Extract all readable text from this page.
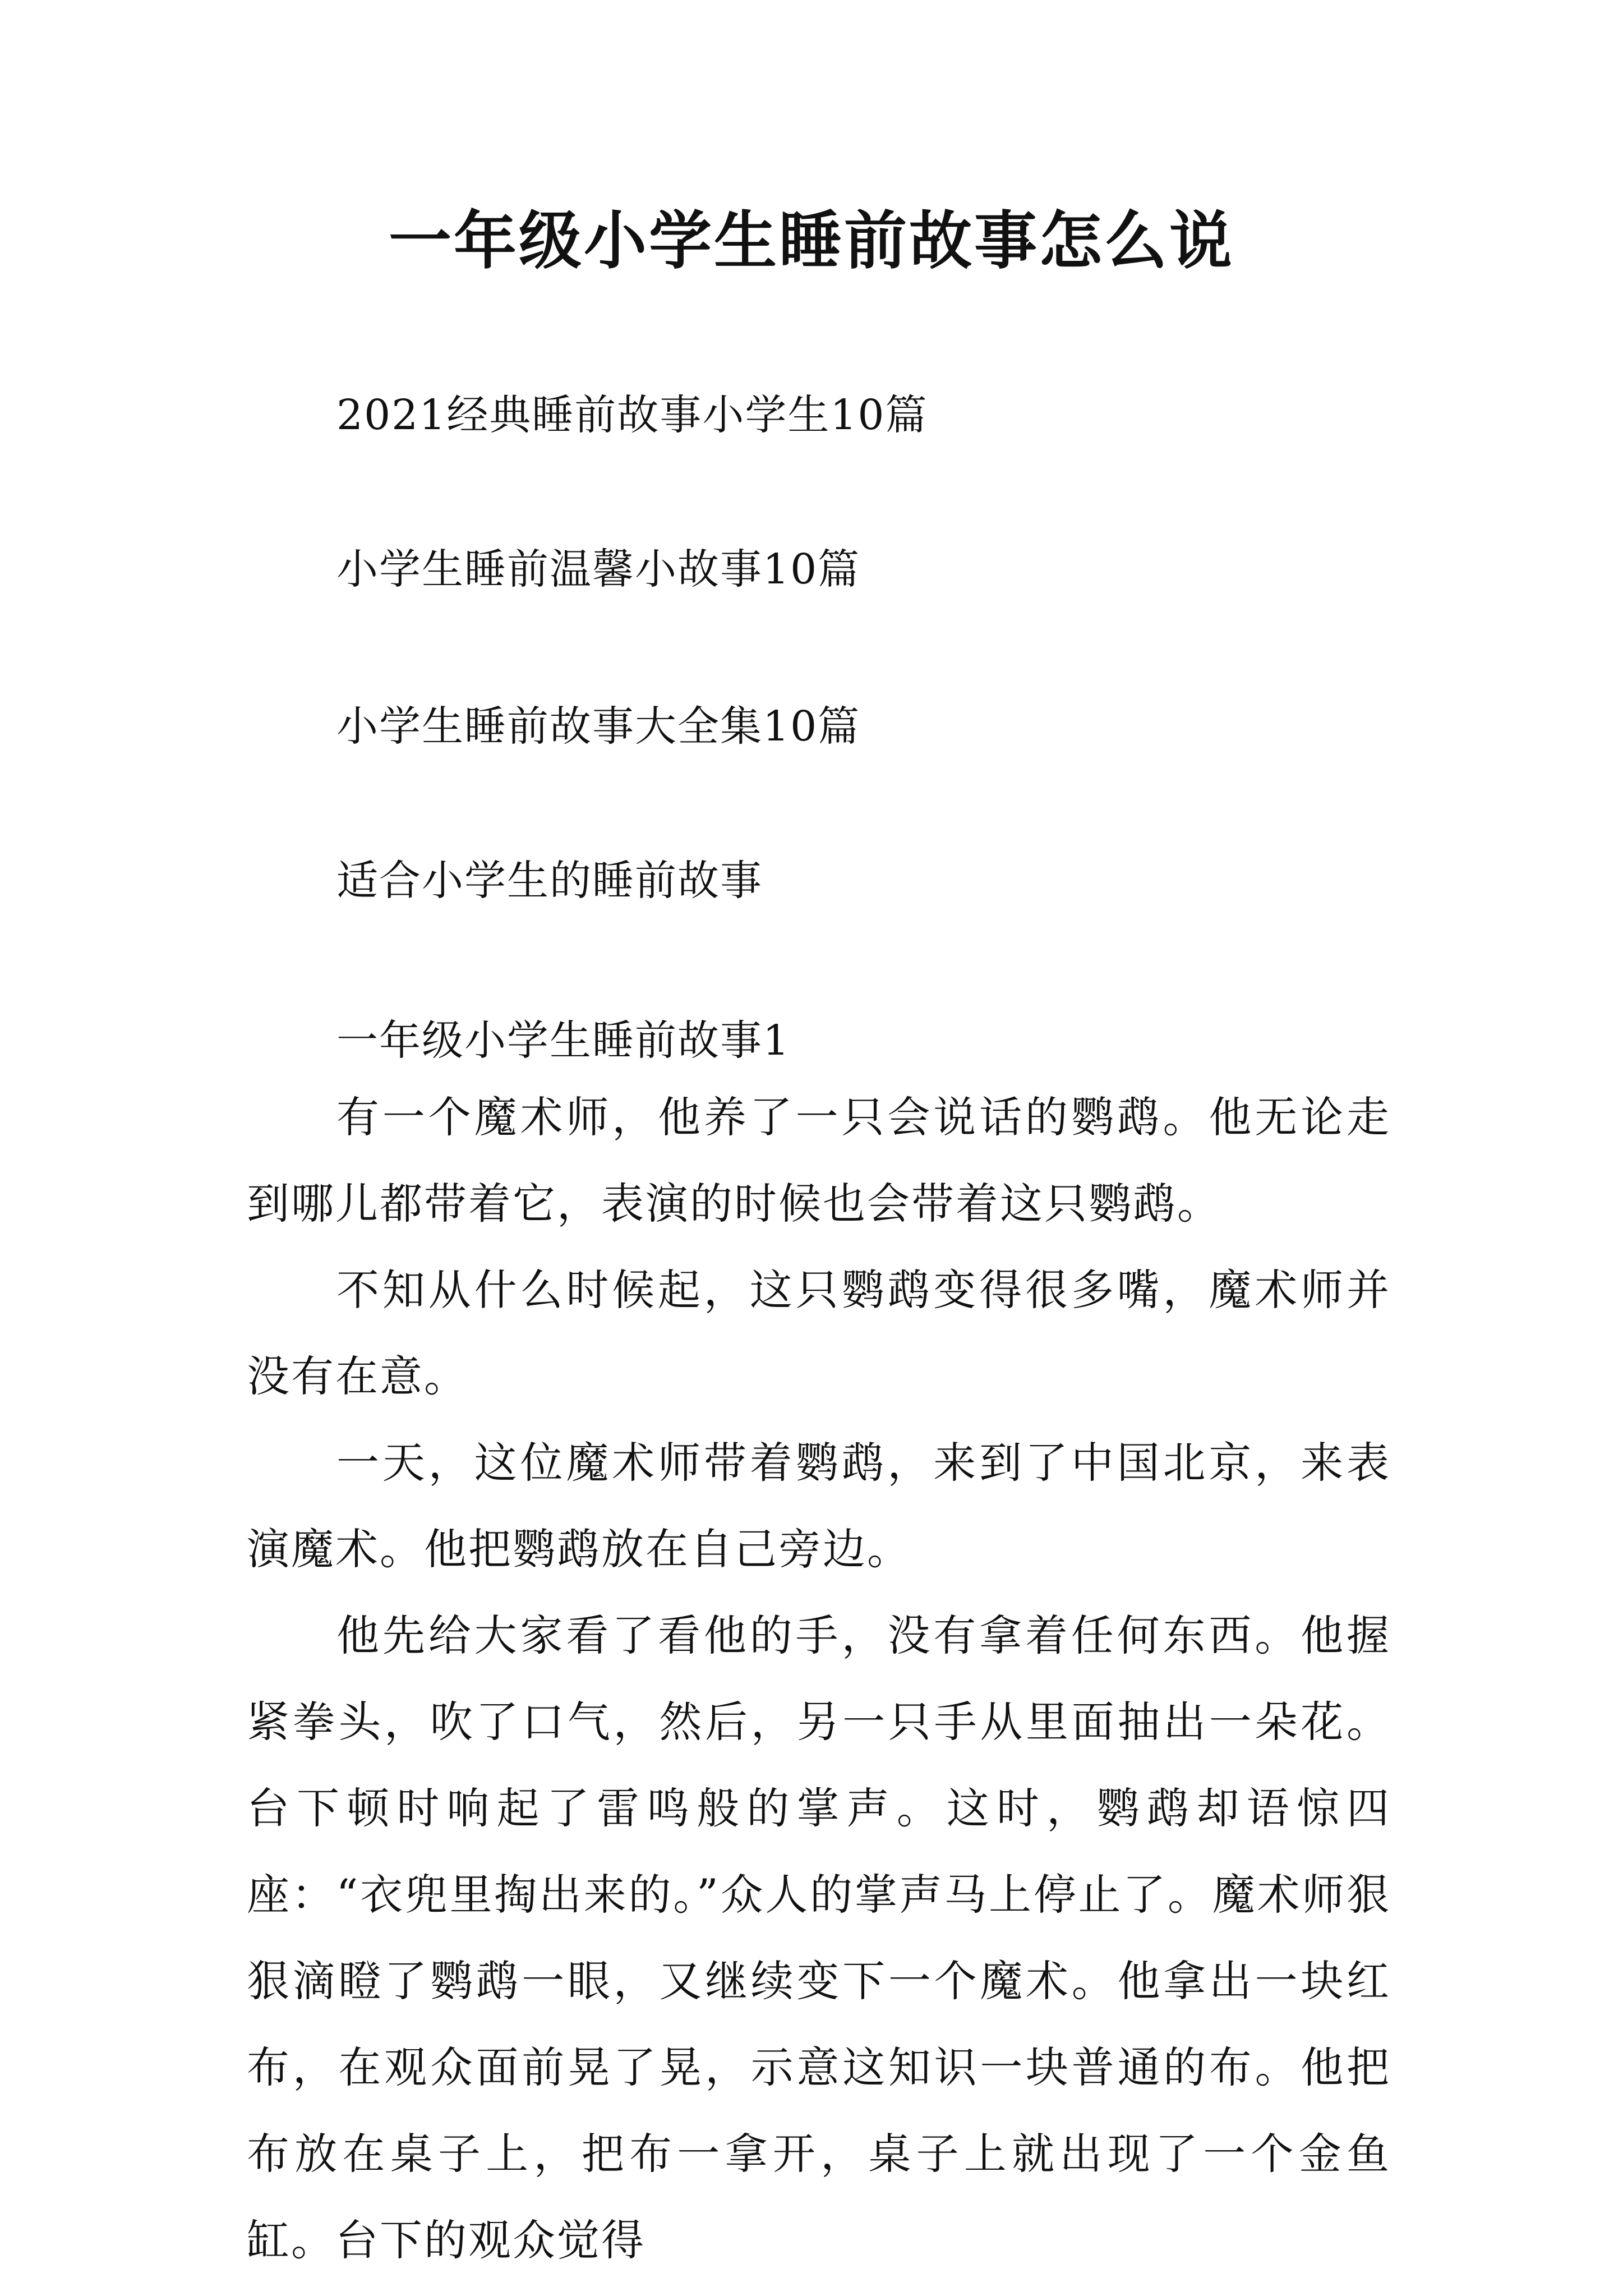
一年级小学生睡前故事怎么说
2021经典睡前故事小学生10篇
小学生睡前温馨小故事10篇
小学生睡前故事大全集10篇
适合小学生的睡前故事
一年级小学生睡前故事1

有一个魔术师，他养了一只会说话的鹦鹉。他无论走到哪儿都带着它，表演的时候也会带着这只鹦鹉。

不知从什么时候起，这只鹦鹉变得很多嘴，魔术师并没有在意。

一天，这位魔术师带着鹦鹉，来到了中国北京，来表演魔术。他把鹦鹉放在自己旁边。

他先给大家看了看他的手，没有拿着任何东西。他握紧拳头，吹了口气，然后，另一只手从里面抽出一朵花。台下顿时响起了雷鸣般的掌声。这时，鹦鹉却语惊四座：“衣兜里掏出来的。”众人的掌声马上停止了。魔术师狠狠滴瞪了鹦鹉一眼，又继续变下一个魔术。他拿出一块红布，在观众面前晃了晃，示意这知识一块普通的布。他把布放在桌子上，把布一拿开，桌子上就出现了一个金鱼缸。台下的观众觉得
